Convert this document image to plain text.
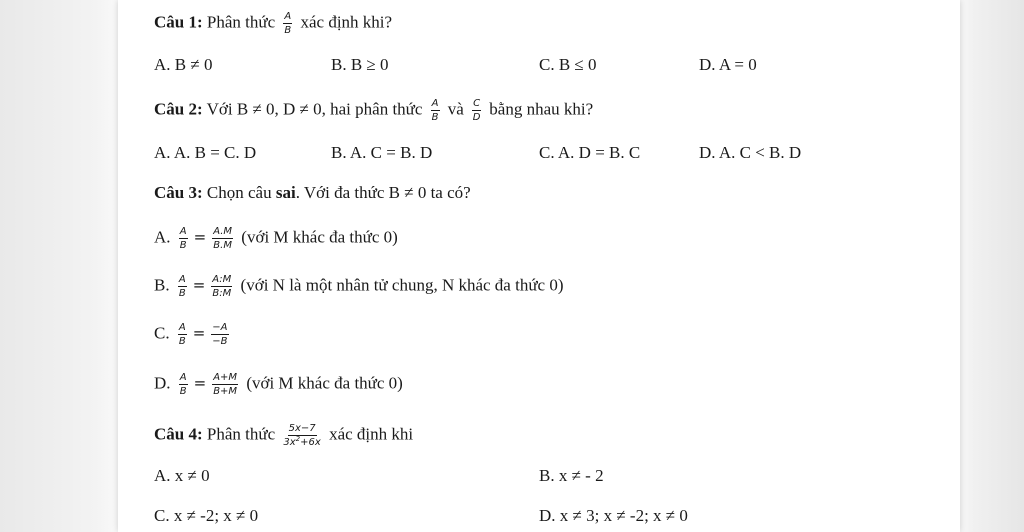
Câu 1: Phân thức $\frac{A}{B}$ xác định khi?
A. B ≠ 0	B. B ≥ 0	C. B ≤ 0	D. A = 0
Câu 2: Với B ≠ 0, D ≠ 0, hai phân thức $\frac{A}{B}$ và $\frac{C}{D}$ bằng nhau khi?
A. A. B = C. D	B. A. C = B. D	C. A. D = B. C	D. A. C < B. D
Câu 3: Chọn câu sai. Với đa thức B ≠ 0 ta có?
A. $\frac{A}{B} = \frac{A.M}{B.M}$ (với M khác đa thức 0)
B. $\frac{A}{B} = \frac{A:M}{B:M}$ (với N là một nhân tử chung, N khác đa thức 0)
C. $\frac{A}{B} = \frac{-A}{-B}$
D. $\frac{A}{B} = \frac{A+M}{B+M}$ (với M khác đa thức 0)
Câu 4: Phân thức $\frac{5x-7}{3x^2+6x}$ xác định khi
A. x ≠ 0	B. x ≠ - 2
C. x ≠ -2; x ≠ 0	D. x ≠ 3; x ≠ -2; x ≠ 0
